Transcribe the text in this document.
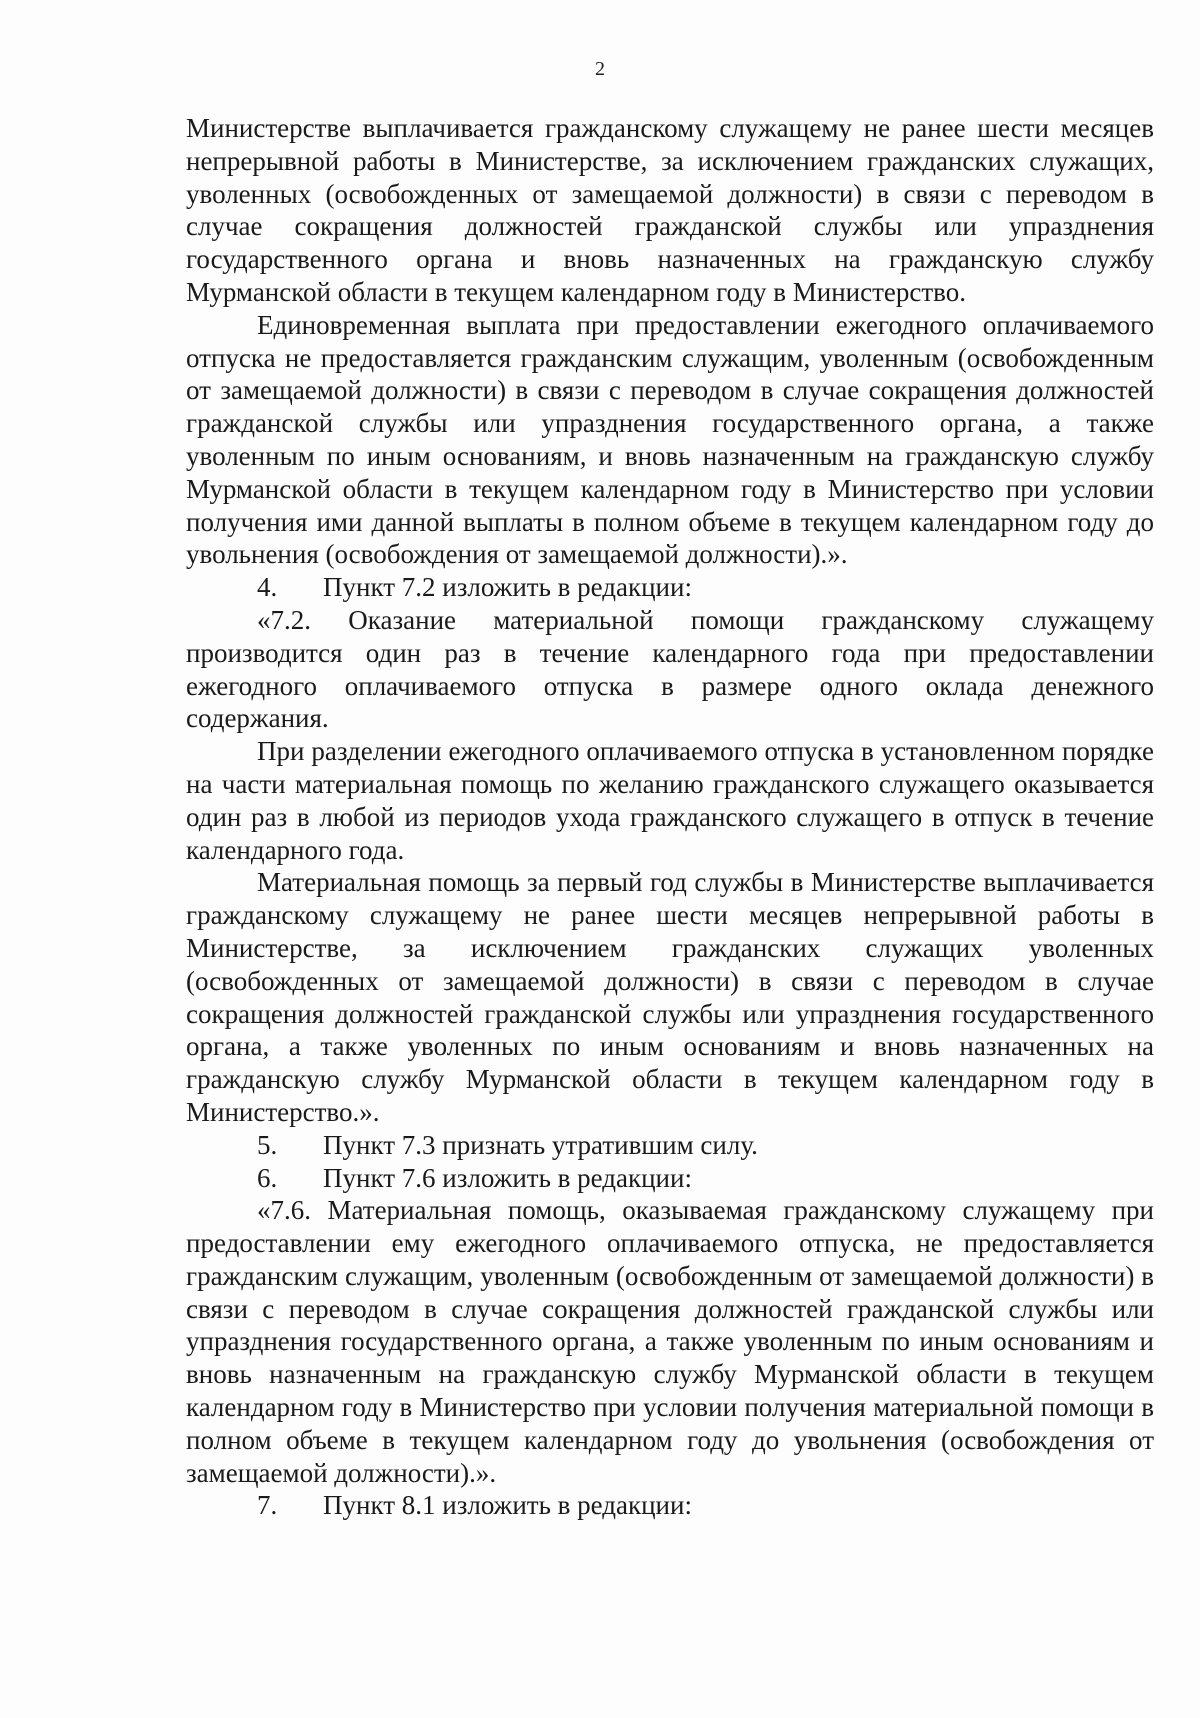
2

Министерстве выплачивается гражданскому служащему не ранее шести месяцев непрерывной работы в Министерстве, за исключением гражданских служащих, уволенных (освобожденных от замещаемой должности) в связи с переводом в случае сокращения должностей гражданской службы или упразднения государственного органа и вновь назначенных на гражданскую службу Мурманской области в текущем календарном году в Министерство.

Единовременная выплата при предоставлении ежегодного оплачиваемого отпуска не предоставляется гражданским служащим, уволенным (освобожденным от замещаемой должности) в связи с переводом в случае сокращения должностей гражданской службы или упразднения государственного органа, а также уволенным по иным основаниям, и вновь назначенным на гражданскую службу Мурманской области в текущем календарном году в Министерство при условии получения ими данной выплаты в полном объеме в текущем календарном году до увольнения (освобождения от замещаемой должности).».

4. Пункт 7.2 изложить в редакции:

«7.2. Оказание материальной помощи гражданскому служащему производится один раз в течение календарного года при предоставлении ежегодного оплачиваемого отпуска в размере одного оклада денежного содержания.

При разделении ежегодного оплачиваемого отпуска в установленном порядке на части материальная помощь по желанию гражданского служащего оказывается один раз в любой из периодов ухода гражданского служащего в отпуск в течение календарного года.

Материальная помощь за первый год службы в Министерстве выплачивается гражданскому служащему не ранее шести месяцев непрерывной работы в Министерстве, за исключением гражданских служащих уволенных (освобожденных от замещаемой должности) в связи с переводом в случае сокращения должностей гражданской службы или упразднения государственного органа, а также уволенных по иным основаниям и вновь назначенных на гражданскую службу Мурманской области в текущем календарном году в Министерство.».

5. Пункт 7.3 признать утратившим силу.

6. Пункт 7.6 изложить в редакции:

«7.6. Материальная помощь, оказываемая гражданскому служащему при предоставлении ему ежегодного оплачиваемого отпуска, не предоставляется гражданским служащим, уволенным (освобожденным от замещаемой должности) в связи с переводом в случае сокращения должностей гражданской службы или упразднения государственного органа, а также уволенным по иным основаниям и вновь назначенным на гражданскую службу Мурманской области в текущем календарном году в Министерство при условии получения материальной помощи в полном объеме в текущем календарном году до увольнения (освобождения от замещаемой должности).».

7. Пункт 8.1 изложить в редакции:
